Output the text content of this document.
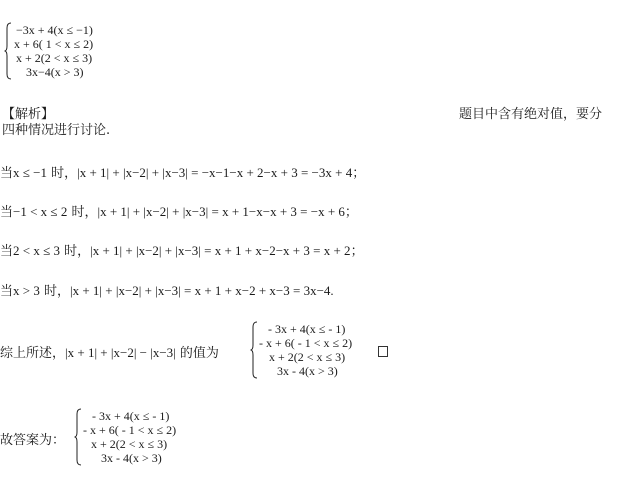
−3x + 4(x ≤ −1)
x + 6( 1 < x ≤ 2)
x + 2(2 < x ≤ 3)
3x−4(x > 3)
【解析】	题目中含有绝对值，要分
四种情况进行讨论.
当x ≤ −1 时，|x + 1| + |x−2| + |x−3| = −x−1−x + 2−x + 3 = −3x + 4；
当−1 < x ≤ 2 时，|x + 1| + |x−2| + |x−3| = x + 1−x−x + 3 = −x + 6；
当2 < x ≤ 3 时，|x + 1| + |x−2| + |x−3| = x + 1 + x−2−x + 3 = x + 2；
当x > 3 时，|x + 1| + |x−2| + |x−3| = x + 1 + x−2 + x−3 = 3x−4.
综上所述，|x + 1| + |x−2| − |x−3| 的值为
- 3x + 4(x ≤ - 1)
- x + 6( - 1 < x ≤ 2)
x + 2(2 < x ≤ 3)
3x - 4(x > 3)
故答案为：
- 3x + 4(x ≤ - 1)
- x + 6( - 1 < x ≤ 2)
x + 2(2 < x ≤ 3)
3x - 4(x > 3)
